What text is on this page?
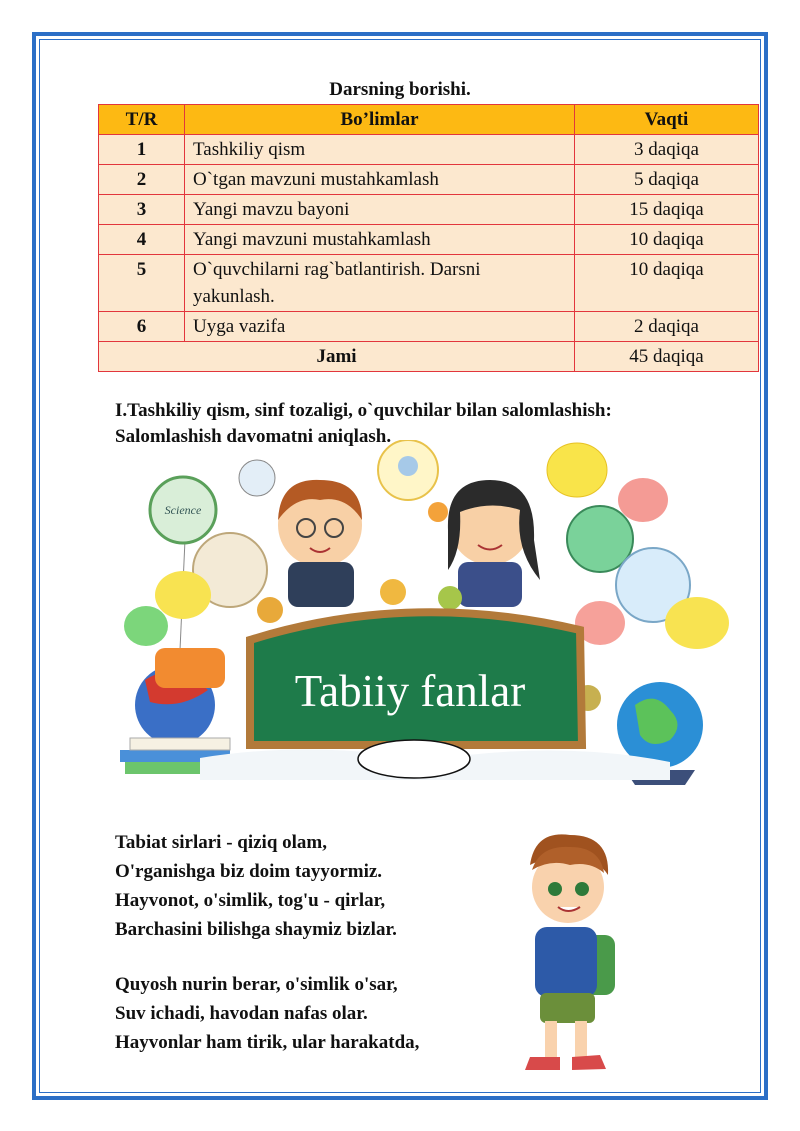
Darsning borishi.
T/R	Bo’limlar	Vaqti
1	Tashkiliy qism	3 daqiqa
2	O`tgan mavzuni mustahkamlash	5 daqiqa
3	Yangi mavzu bayoni	15 daqiqa
4	Yangi mavzuni mustahkamlash	10 daqiqa
5	O`quvchilarni rag`batlantirish. Darsni yakunlash.	10 daqiqa
6	Uyga vazifa	2 daqiqa
Jami		45 daqiqa
I.Tashkiliy qism, sinf tozaligi, o`quvchilar bilan salomlashish:
Salomlashish davomatni aniqlash.
Science
Tabiiy fanlar
Tabiat sirlari - qiziq olam,
O'rganishga biz doim tayyormiz.
Hayvonot, o'simlik, tog'u - qirlar,
Barchasini bilishga shaymiz bizlar.
Quyosh nurin berar, o'simlik o'sar,
Suv ichadi, havodan nafas olar.
Hayvonlar ham tirik, ular harakatda,
